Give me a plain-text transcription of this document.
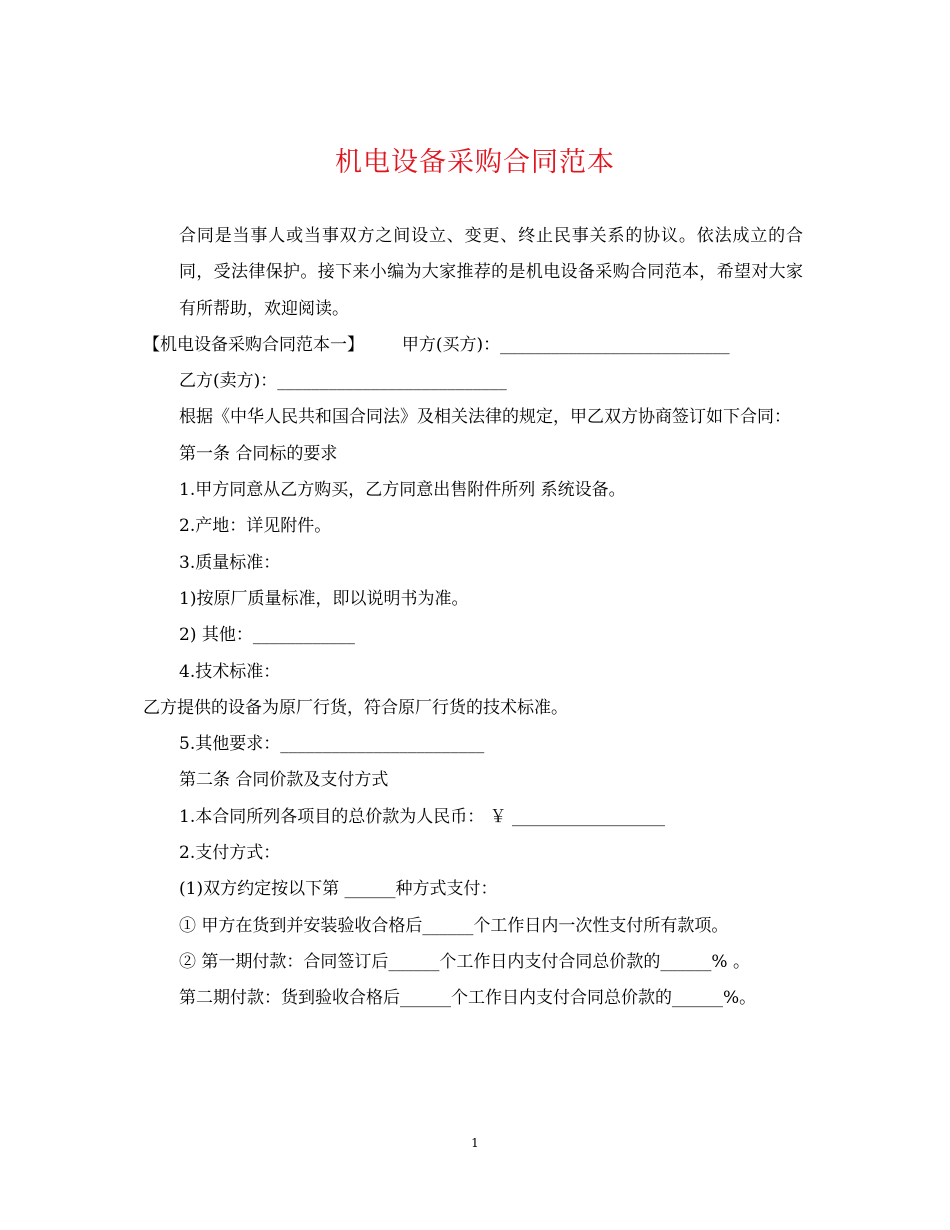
机电设备采购合同范本

合同是当事人或当事双方之间设立、变更、终止民事关系的协议。依法成立的合同，受法律保护。接下来小编为大家推荐的是机电设备采购合同范本，希望对大家有所帮助，欢迎阅读。

【机电设备采购合同范本一】       甲方(买方)：___________________________

乙方(卖方)：___________________________

根据《中华人民共和国合同法》及相关法律的规定，甲乙双方协商签订如下合同：

第一条 合同标的要求

1.甲方同意从乙方购买，乙方同意出售附件所列 系统设备。

2.产地：详见附件。

3.质量标准：

1)按原厂质量标准，即以说明书为准。

2) 其他：____________

4.技术标准：

乙方提供的设备为原厂行货，符合原厂行货的技术标准。

5.其他要求：________________________

第二条 合同价款及支付方式

1.本合同所列各项目的总价款为人民币： ￥ __________________

2.支付方式：

(1)双方约定按以下第 ______种方式支付：

① 甲方在货到并安装验收合格后______个工作日内一次性支付所有款项。

② 第一期付款：合同签订后______个工作日内支付合同总价款的______% 。

第二期付款：货到验收合格后______个工作日内支付合同总价款的______%。

1
